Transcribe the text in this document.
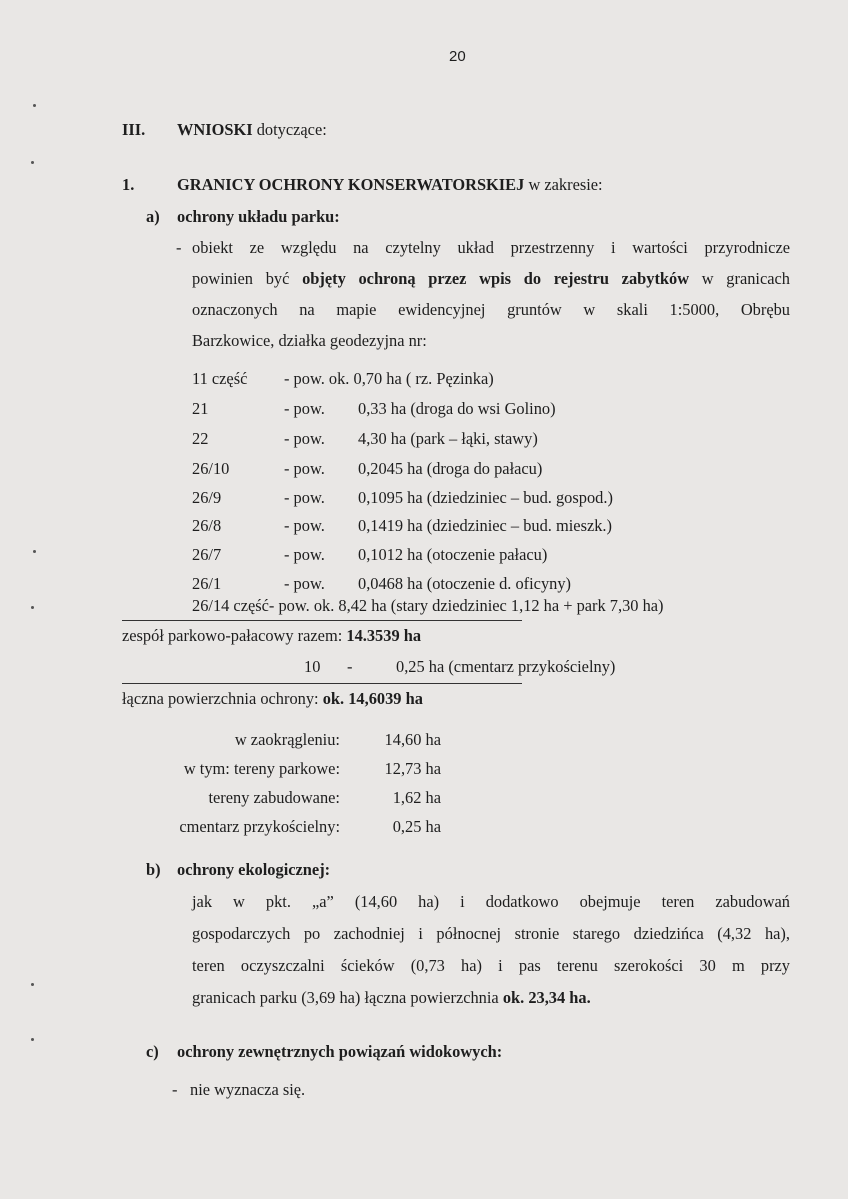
20
III. WNIOSKI dotyczące:
1.	GRANICY OCHRONY KONSERWATORSKIEJ w zakresie:
a) ochrony układu parku:
- obiekt ze względu na czytelny układ przestrzenny i wartości przyrodnicze
powinien być objęty ochroną przez wpis do rejestru zabytków w granicach
oznaczonych na mapie ewidencyjnej gruntów w skali 1:5000, Obrębu
Barzkowice, działka geodezyjna nr:
11 część - pow. ok. 0,70 ha ( rz. Pęzinka)
21	- pow. 0,33 ha (droga do wsi Golino)
22	- pow. 4,30 ha (park – łąki, stawy)
26/10	- pow. 0,2045 ha (droga do pałacu)
26/9	- pow. 0,1095 ha (dziedziniec – bud. gospod.)
26/8	- pow. 0,1419 ha (dziedziniec – bud. mieszk.)
26/7	- pow. 0,1012 ha (otoczenie pałacu)
26/1	- pow. 0,0468 ha (otoczenie d. oficyny)
26/14 część- pow. ok. 8,42 ha (stary dziedziniec 1,12 ha + park 7,30 ha)
zespół parkowo-pałacowy razem: 14.3539 ha
10 -	0,25 ha (cmentarz przykościelny)
łączna powierzchnia ochrony: ok. 14,6039 ha
w zaokrągleniu:	14,60 ha
w tym: tereny parkowe:	12,73 ha
tereny zabudowane:	1,62 ha
cmentarz przykościelny:	0,25 ha
b) ochrony ekologicznej:
jak w pkt. „a” (14,60 ha) i dodatkowo obejmuje teren zabudowań
gospodarczych po zachodniej i północnej stronie starego dziedzińca (4,32 ha),
teren oczyszczalni ścieków (0,73 ha) i pas terenu szerokości 30 m przy
granicach parku (3,69 ha) łączna powierzchnia ok. 23,34 ha.
c) ochrony zewnętrznych powiązań widokowych:
- nie wyznacza się.
